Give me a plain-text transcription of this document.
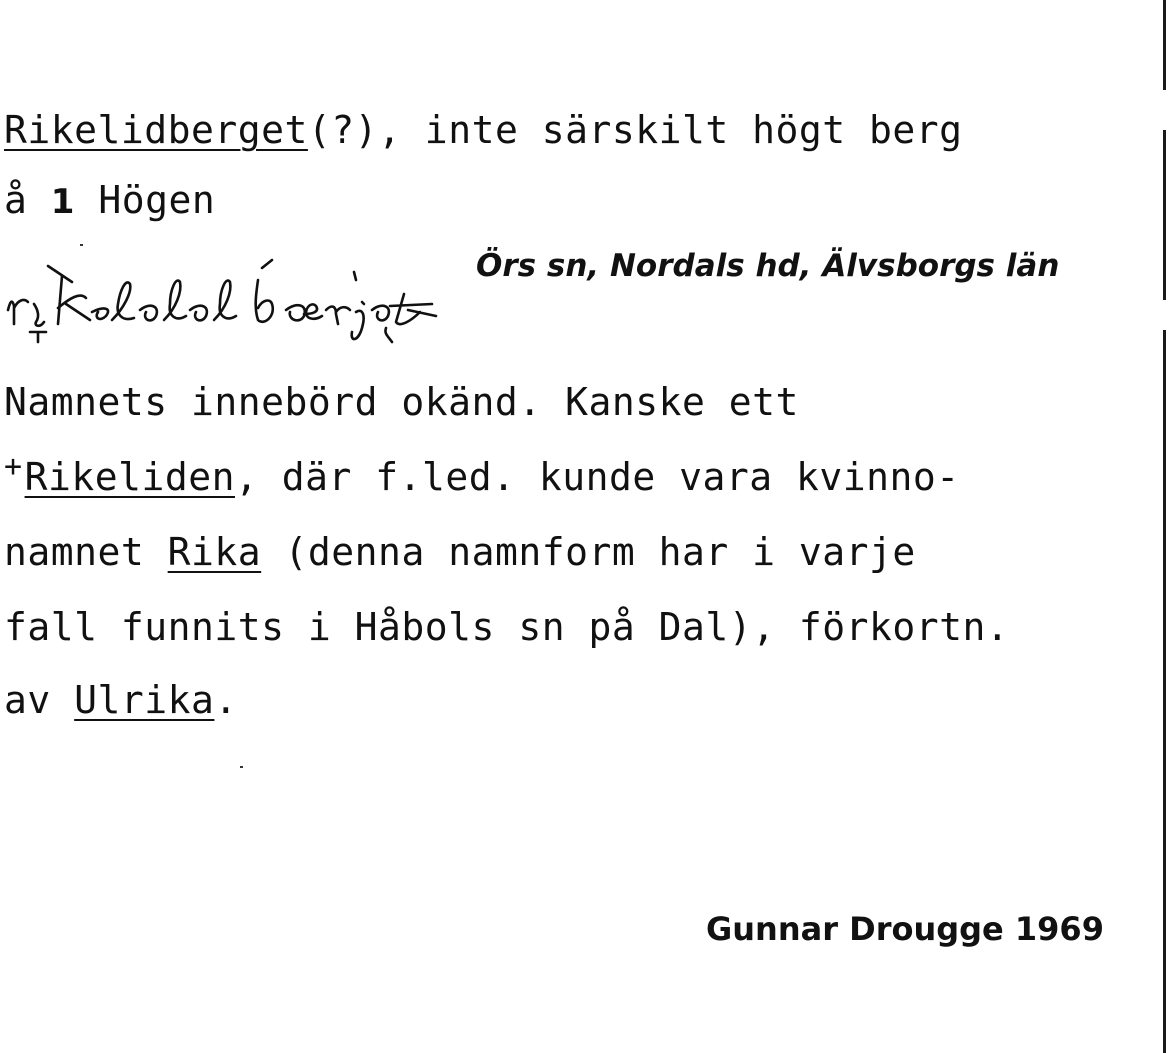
Rikelidberget(?), inte särskilt högt berg
å 1 Högen
Örs sn, Nordals hd, Älvsborgs län
Namnets innebörd okänd. Kanske ett
+Rikeliden, där f.led. kunde vara kvinno-
namnet Rika (denna namnform har i varje
fall funnits i Håbols sn på Dal), förkortn.
av Ulrika.
Gunnar Drougge 1969
